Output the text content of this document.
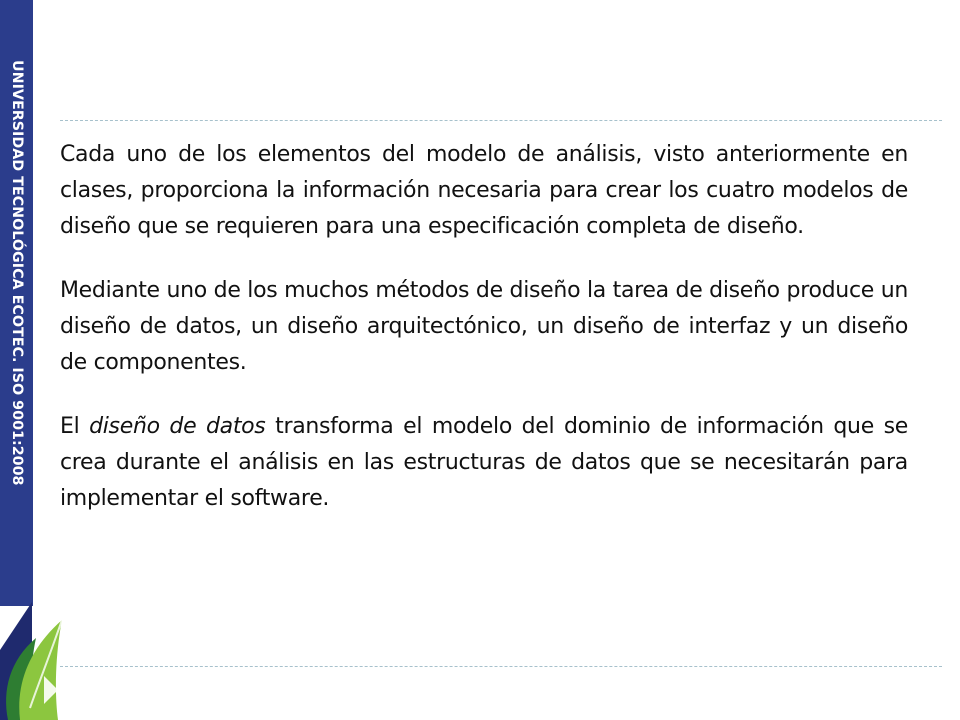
UNIVERSIDAD TECNOLÓGICA ECOTEC. ISO 9001:2008 Cada uno de los elementos del modelo de análisis, visto anteriormente en clases, proporciona la información necesaria para crear los cuatro modelos de diseño que se requieren para una especificación completa de diseño.

Mediante uno de los muchos métodos de diseño la tarea de diseño produce un diseño de datos, un diseño arquitectónico, un diseño de interfaz y un diseño de componentes.

El diseño de datos transforma el modelo del dominio de información que se crea durante el análisis en las estructuras de datos que se necesitarán para implementar el software.
